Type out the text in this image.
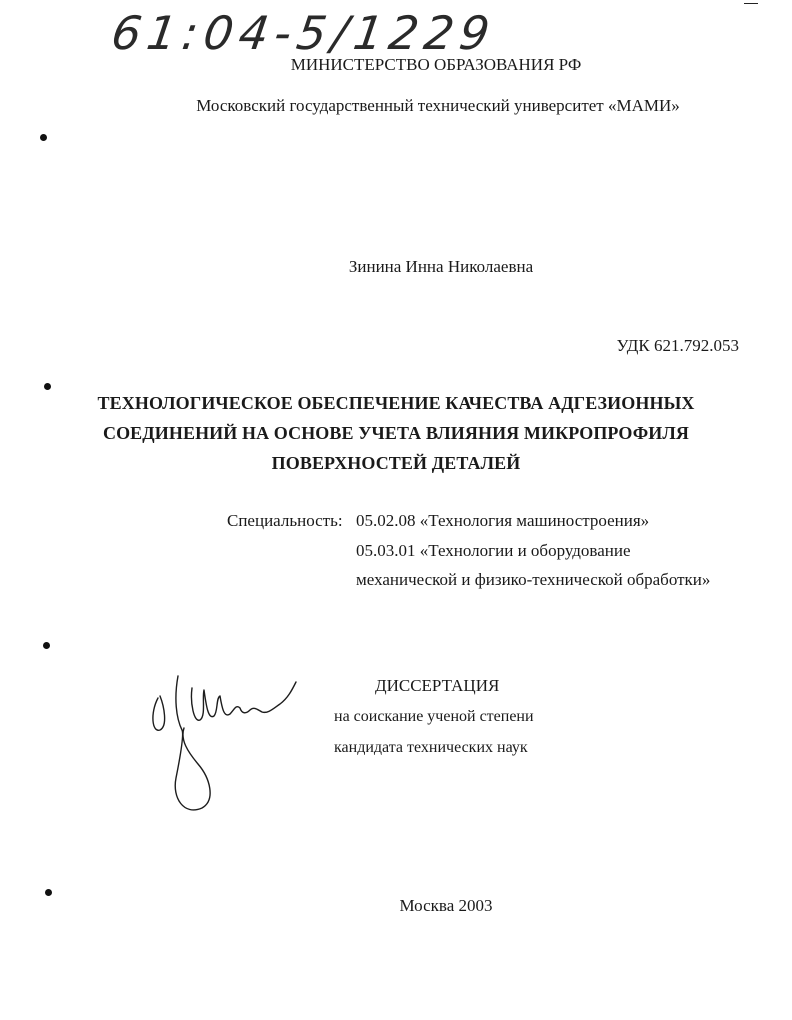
61:04-5/1229
МИНИСТЕРСТВО ОБРАЗОВАНИЯ РФ
Московский государственный технический университет «МАМИ»
Зинина Инна Николаевна
УДК 621.792.053
ТЕХНОЛОГИЧЕСКОЕ ОБЕСПЕЧЕНИЕ КАЧЕСТВА АДГЕЗИОННЫХ
СОЕДИНЕНИЙ НА ОСНОВЕ УЧЕТА ВЛИЯНИЯ МИКРОПРОФИЛЯ
ПОВЕРХНОСТЕЙ ДЕТАЛЕЙ
Специальность: 05.02.08 «Технология машиностроения»
05.03.01 «Технологии и оборудование
механической и физико-технической обработки»
ДИССЕРТАЦИЯ
на соискание ученой степени
кандидата технических наук
Москва 2003
